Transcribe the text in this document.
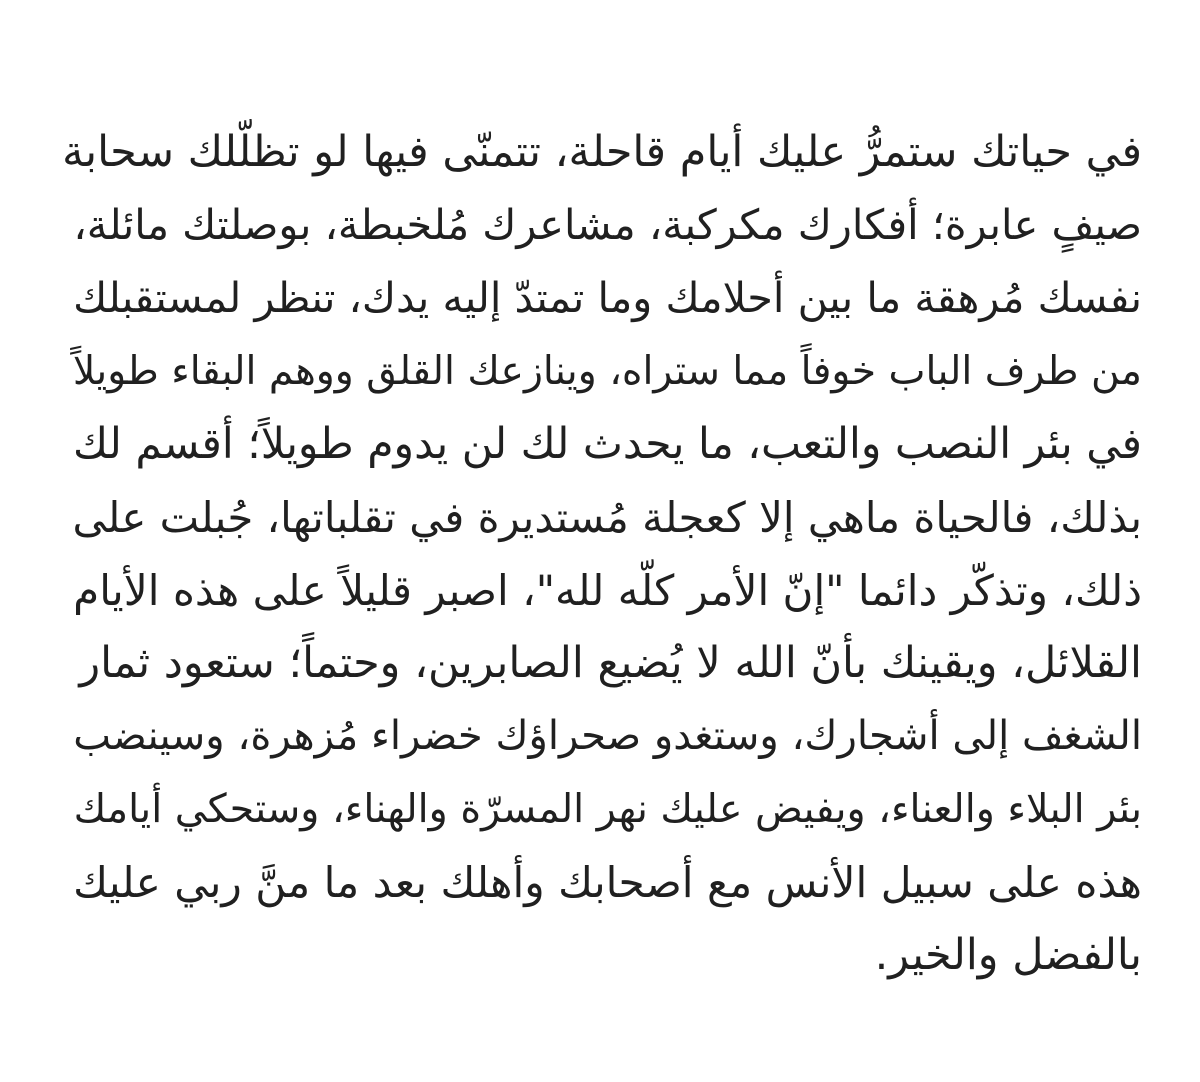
في حياتك ستمرُّ عليك أيام قاحلة، تتمنّى فيها لو تظلّلك سحابة
صيفٍ عابرة؛ أفكارك مكركبة، مشاعرك مُلخبطة، بوصلتك مائلة،
نفسك مُرهقة ما بين أحلامك وما تمتدّ إليه يدك، تنظر لمستقبلك
من طرف الباب خوفاً مما ستراه، وينازعك القلق ووهم البقاء طويلاً
في بئر النصب والتعب، ما يحدث لك لن يدوم طويلاً؛ أقسم لك
بذلك، فالحياة ماهي إلا كعجلة مُستديرة في تقلباتها، جُبلت على
ذلك، وتذكّر دائما "إنّ الأمر كلّه لله"، اصبر قليلاً على هذه الأيام
القلائل، ويقينك بأنّ الله لا يُضيع الصابرين، وحتماً؛ ستعود ثمار
الشغف إلى أشجارك، وستغدو صحراؤك خضراء مُزهرة، وسينضب
بئر البلاء والعناء، ويفيض عليك نهر المسرّة والهناء، وستحكي أيامك
هذه على سبيل الأنس مع أصحابك وأهلك بعد ما منَّ ربي عليك
بالفضل والخير.
